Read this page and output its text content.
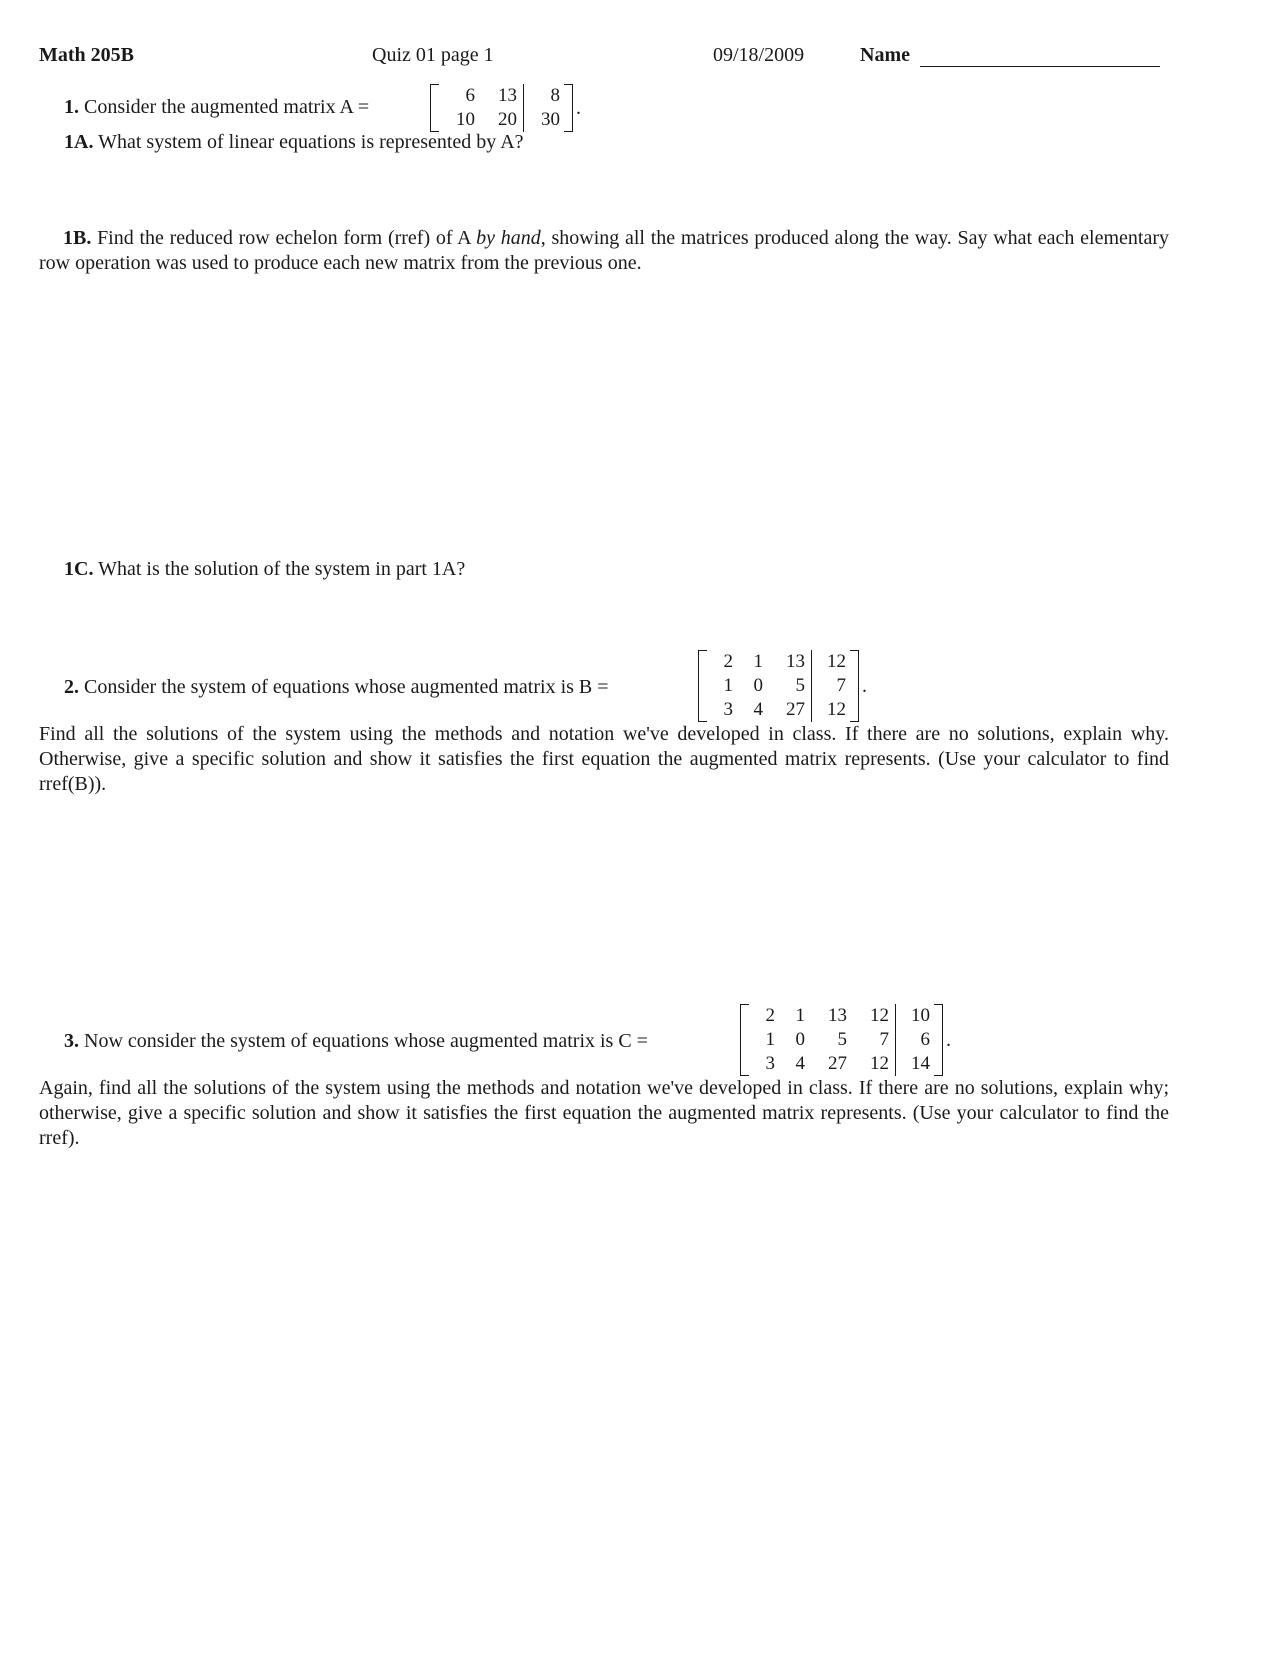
Math 205B	Quiz 01 page 1	09/18/2009	Name
1. Consider the augmented matrix A =
6	13	8
10	20	30
.
1A. What system of linear equations is represented by A?
1B. Find the reduced row echelon form (rref) of A by hand, showing all the matrices produced along the way. Say what each elementary row operation was used to produce each new matrix from the previous one.
1C. What is the solution of the system in part 1A?
2. Consider the system of equations whose augmented matrix is B =
2	1	13	12
1	0	5	7
3	4	27	12
.
Find all the solutions of the system using the methods and notation we've developed in class. If there are no solutions, explain why. Otherwise, give a specific solution and show it satisfies the first equation the augmented matrix represents. (Use your calculator to find rref(B)).
3. Now consider the system of equations whose augmented matrix is C =
2	1	13	12	10
1	0	5	7	6
3	4	27	12	14
.
Again, find all the solutions of the system using the methods and notation we've developed in class. If there are no solutions, explain why; otherwise, give a specific solution and show it satisfies the first equation the augmented matrix represents. (Use your calculator to find the rref).
